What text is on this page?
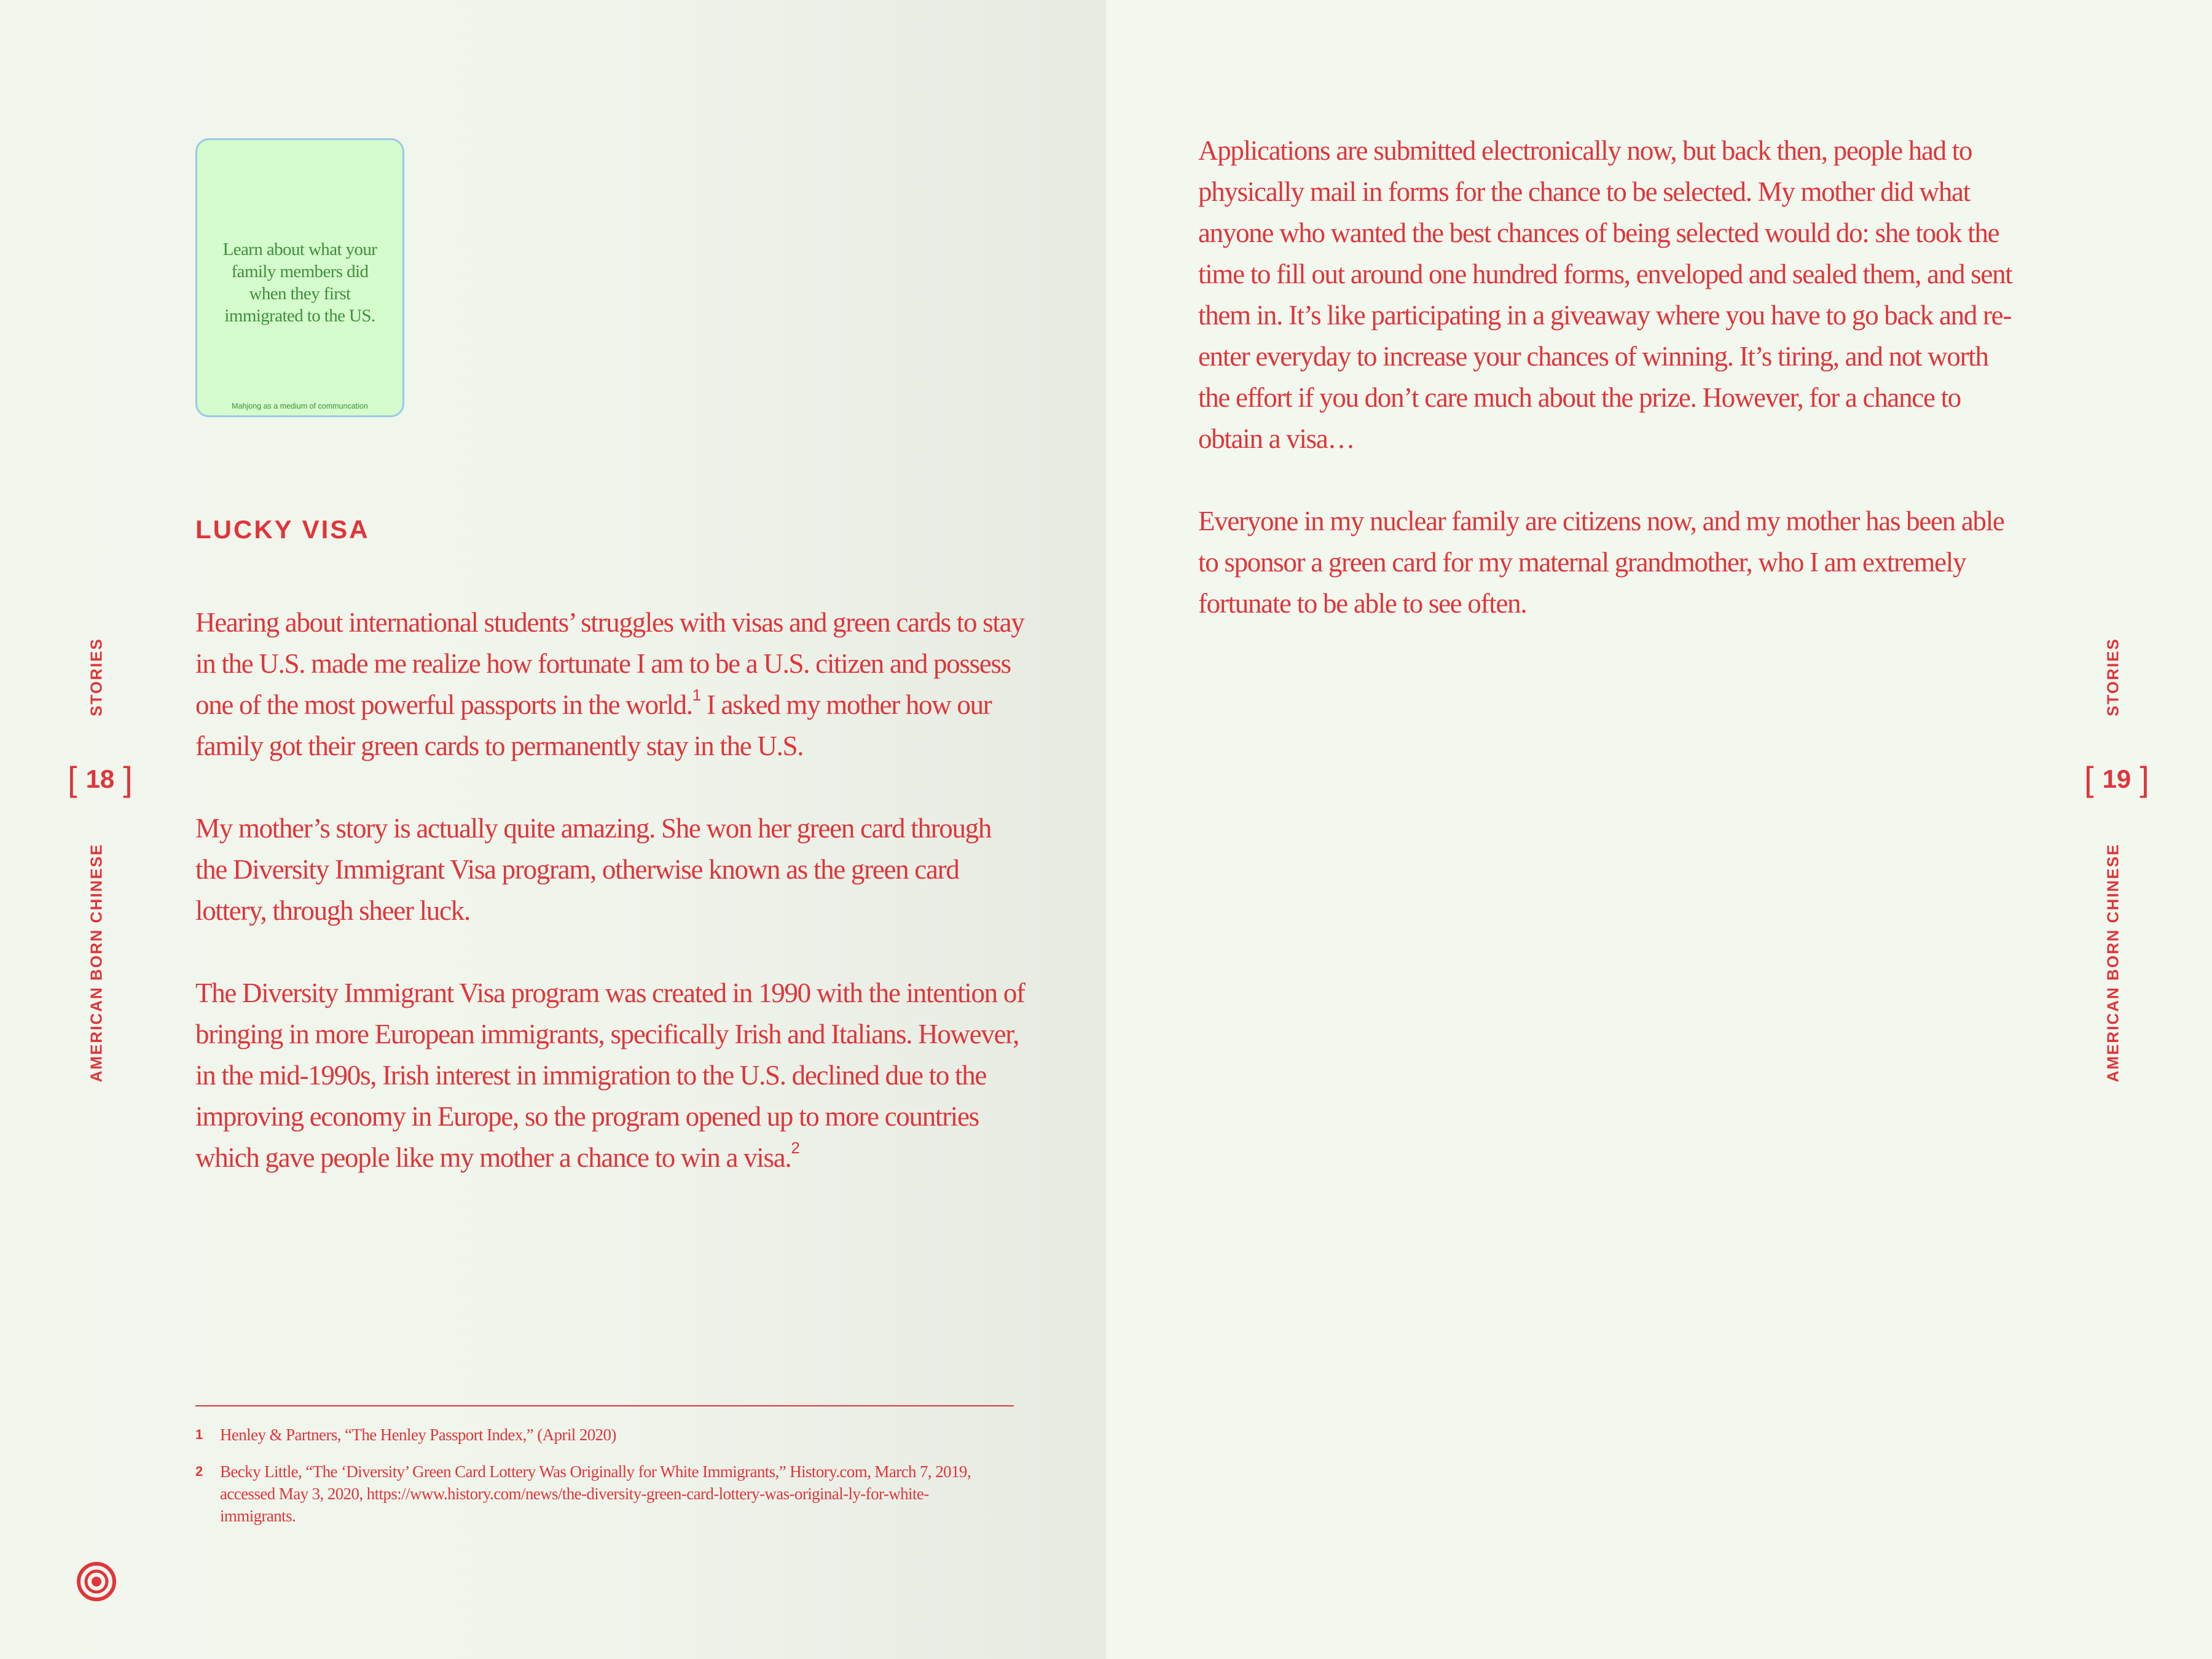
Learn about what your family members did when they first immigrated to the US.
Mahjong as a medium of communcation
LUCKY VISA

Hearing about international students’ struggles with visas and green cards to stay in the U.S. made me realize how fortunate I am to be a U.S. citizen and possess one of the most powerful passports in the world.$^1$ I asked my mother how our family got their green cards to permanently stay in the U.S.

My mother’s story is actually quite amazing. She won her green card through the Diversity Immigrant Visa program, otherwise known as the green card lottery, through sheer luck.

The Diversity Immigrant Visa program was created in 1990 with the intention of bringing in more European immigrants, specifically Irish and Italians. However, in the mid-1990s, Irish interest in immigration to the U.S. declined due to the improving economy in Europe, so the program opened up to more countries which gave people like my mother a chance to win a visa.$^2$

1 Henley & Partners, “The Henley Passport Index,” (April 2020)
2 Becky Little, “The ‘Diversity’ Green Card Lottery Was Originally for White Immigrants,” History.com, March 7, 2019, accessed May 3, 2020, https://www.history.com/news/the-diversity-green-card-lottery-was-original-ly-for-white-immigrants.

Applications are submitted electronically now, but back then, people had to physically mail in forms for the chance to be selected. My mother did what anyone who wanted the best chances of being selected would do: she took the time to fill out around one hundred forms, enveloped and sealed them, and sent them in. It’s like participating in a giveaway where you have to go back and re-enter everyday to increase your chances of winning. It’s tiring, and not worth the effort if you don’t care much about the prize. However, for a chance to obtain a visa…

Everyone in my nuclear family are citizens now, and my mother has been able to sponsor a green card for my maternal grandmother, who I am extremely fortunate to be able to see often.

STORIES
[ 18 ]
AMERICAN BORN CHINESE
STORIES
[ 19 ]
AMERICAN BORN CHINESE
